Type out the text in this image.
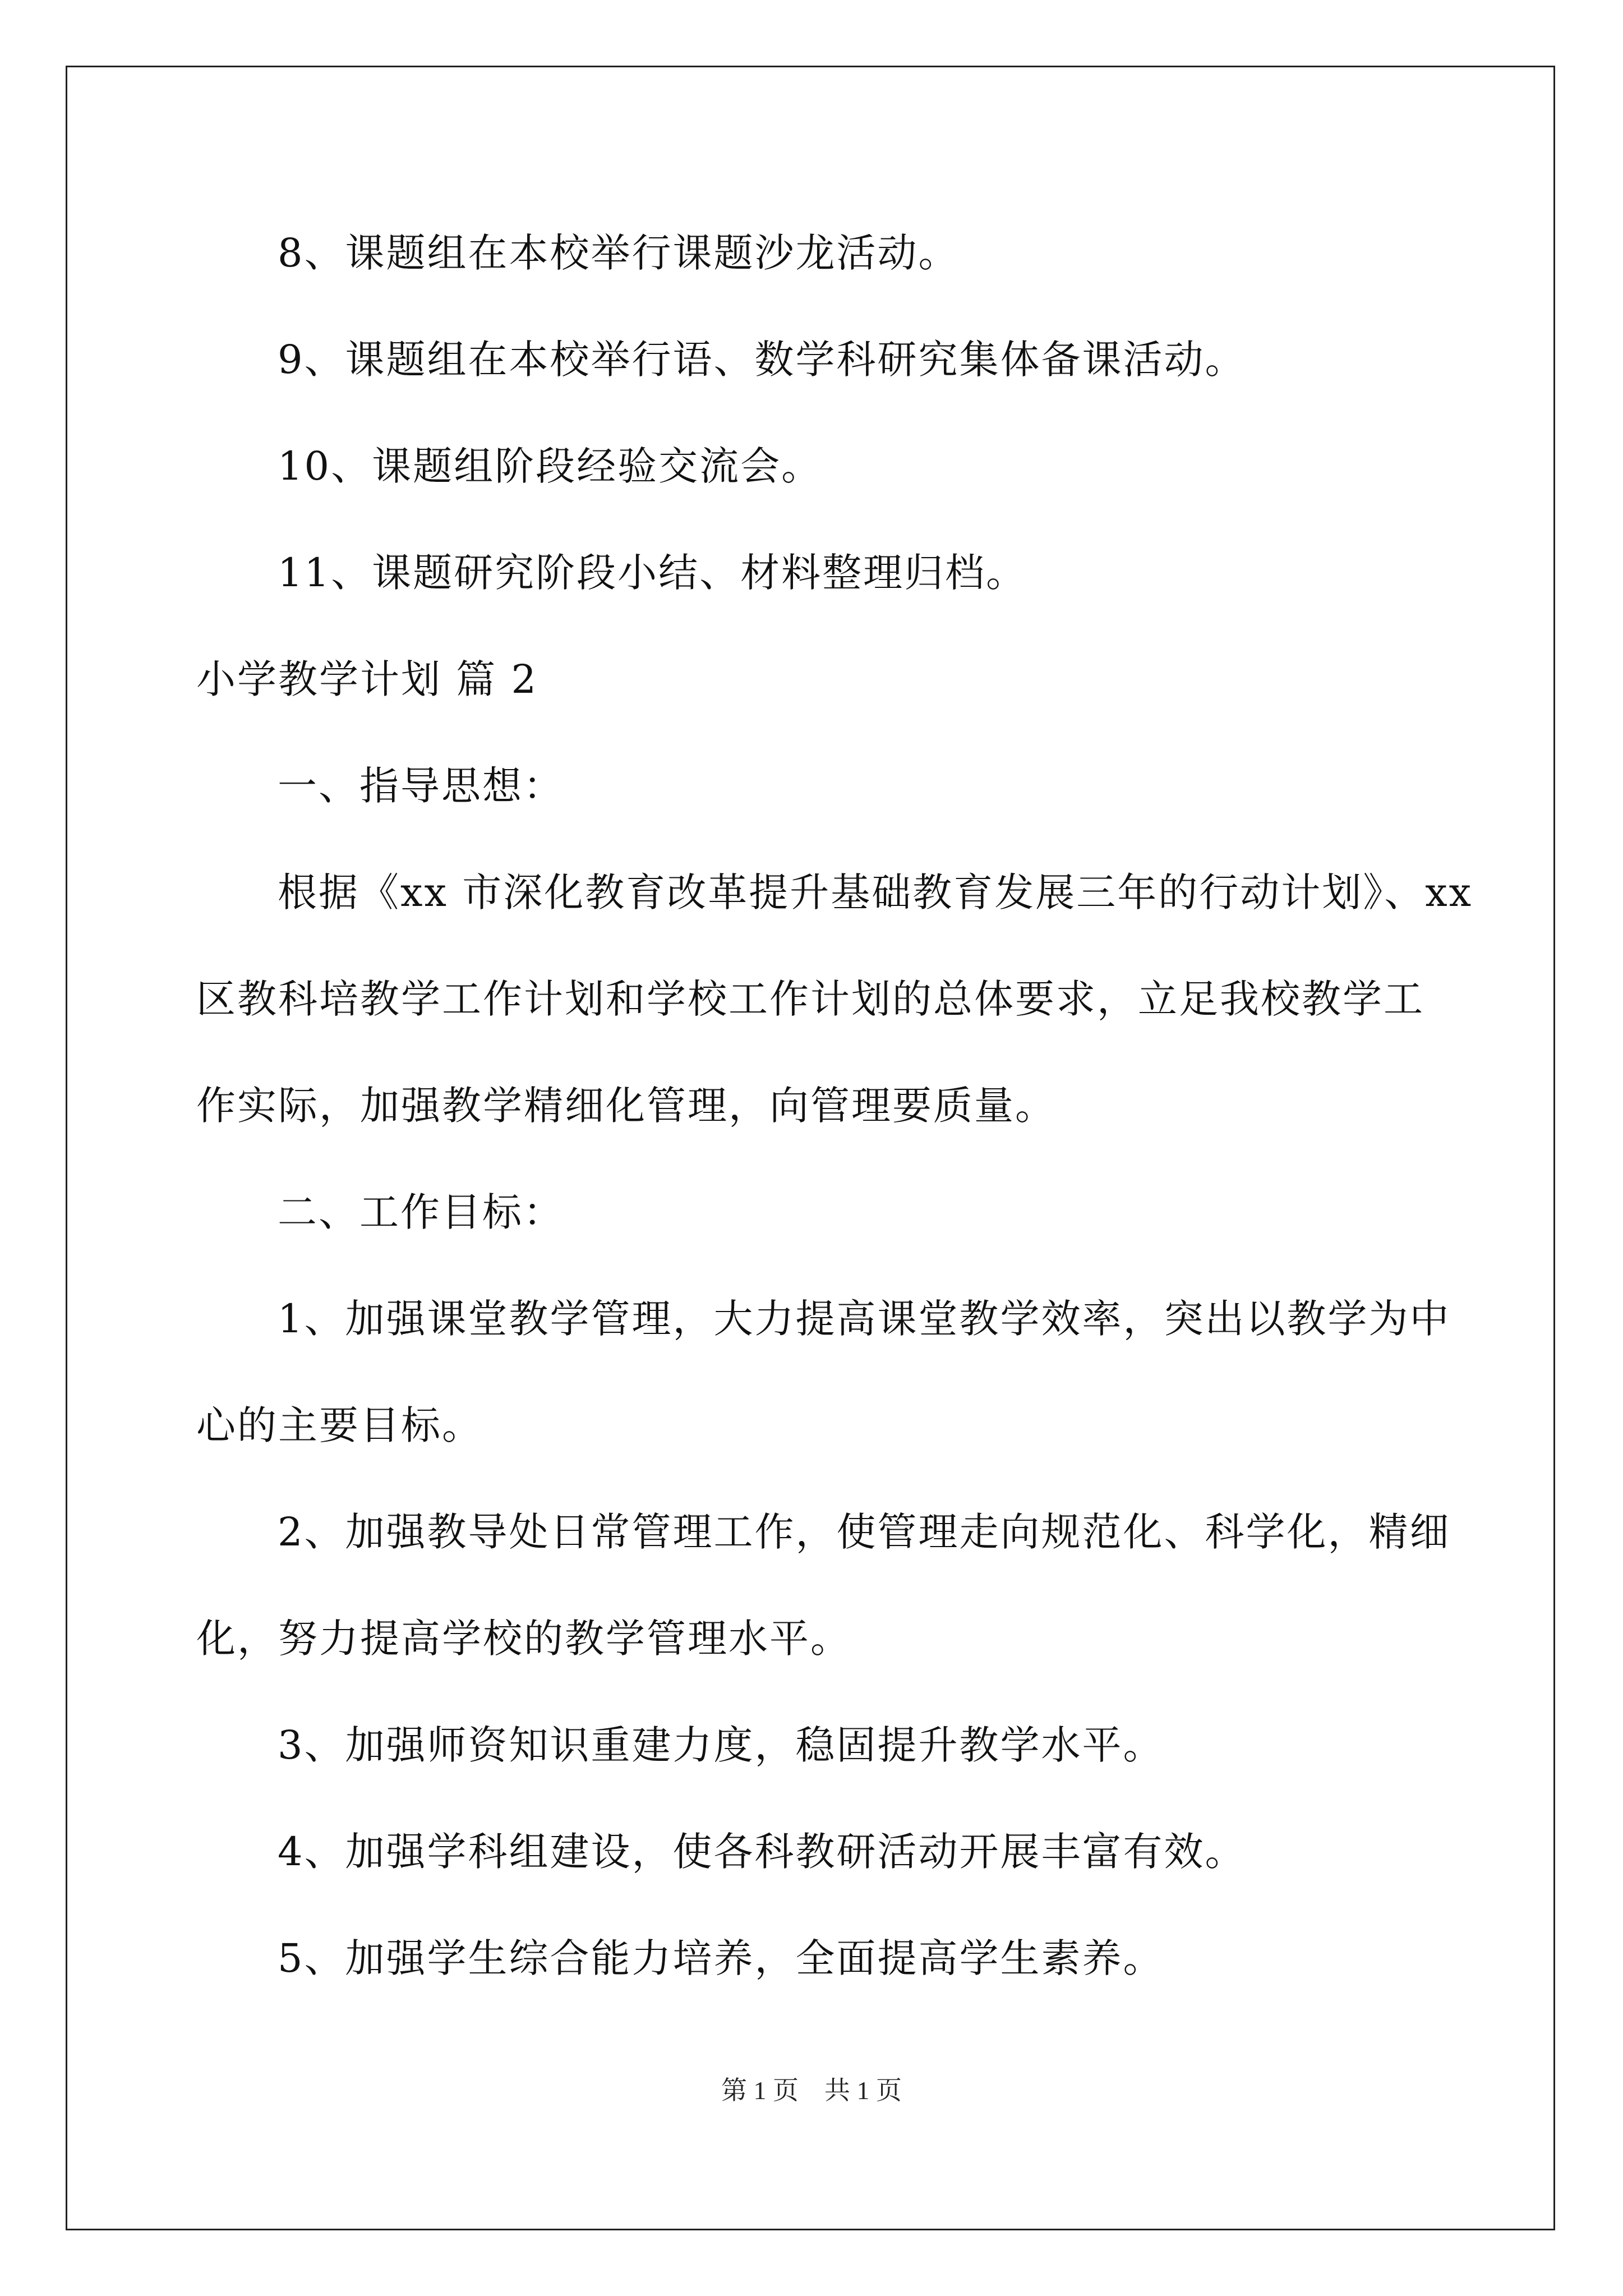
8、课题组在本校举行课题沙龙活动。
9、课题组在本校举行语、数学科研究集体备课活动。
10、课题组阶段经验交流会。
11、课题研究阶段小结、材料整理归档。
小学教学计划 篇 2
一、指导思想：
根据《xx 市深化教育改革提升基础教育发展三年的行动计划》、xx
区教科培教学工作计划和学校工作计划的总体要求，立足我校教学工
作实际，加强教学精细化管理，向管理要质量。
二、工作目标：
1、加强课堂教学管理，大力提高课堂教学效率，突出以教学为中
心的主要目标。
2、加强教导处日常管理工作，使管理走向规范化、科学化，精细
化，努力提高学校的教学管理水平。
3、加强师资知识重建力度，稳固提升教学水平。
4、加强学科组建设，使各科教研活动开展丰富有效。
5、加强学生综合能力培养，全面提高学生素养。
第 1 页　共 1 页
